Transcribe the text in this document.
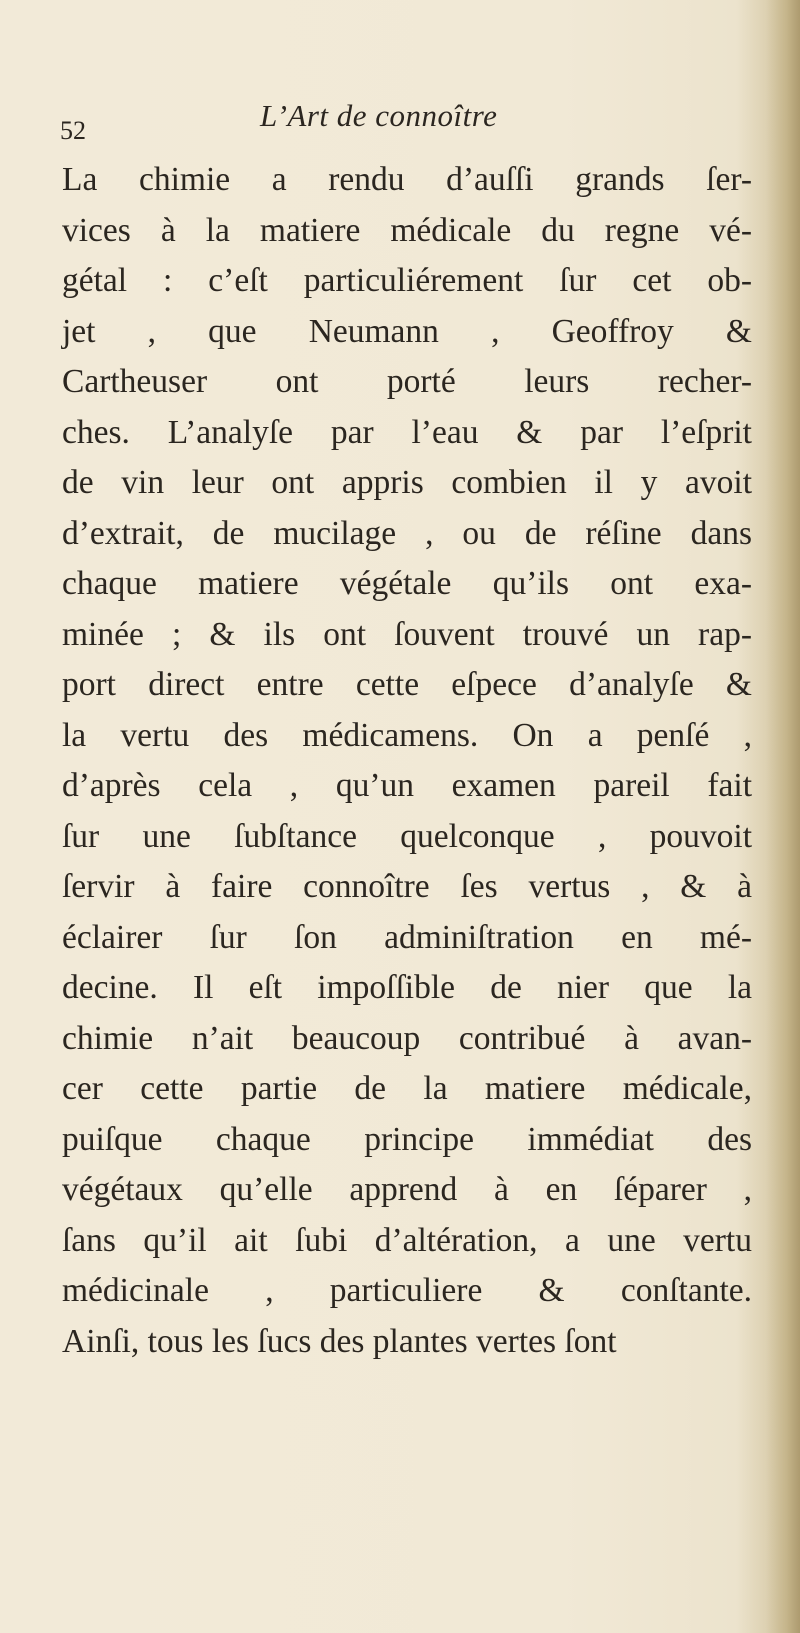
52	L’Art de connoître
La chimie a rendu d’auſſi grands ſer-
vices à la matiere médicale du regne vé-
gétal : c’eſt particuliérement ſur cet ob-
jet , que Neumann , Geoffroy &
Cartheuser ont porté leurs recher-
ches. L’analyſe par l’eau & par l’eſprit
de vin leur ont appris combien il y avoit
d’extrait, de mucilage , ou de réſine dans
chaque matiere végétale qu’ils ont exa-
minée ; & ils ont ſouvent trouvé un rap-
port direct entre cette eſpece d’analyſe &
la vertu des médicamens. On a penſé ,
d’après cela , qu’un examen pareil fait
ſur une ſubſtance quelconque , pouvoit
ſervir à faire connoître ſes vertus , & à
éclairer ſur ſon adminiſtration en mé-
decine. Il eſt impoſſible de nier que la
chimie n’ait beaucoup contribué à avan-
cer cette partie de la matiere médicale,
puiſque chaque principe immédiat des
végétaux qu’elle apprend à en ſéparer ,
ſans qu’il ait ſubi d’altération, a une vertu
médicinale , particuliere & conſtante.
Ainſi, tous les ſucs des plantes vertes ſont
